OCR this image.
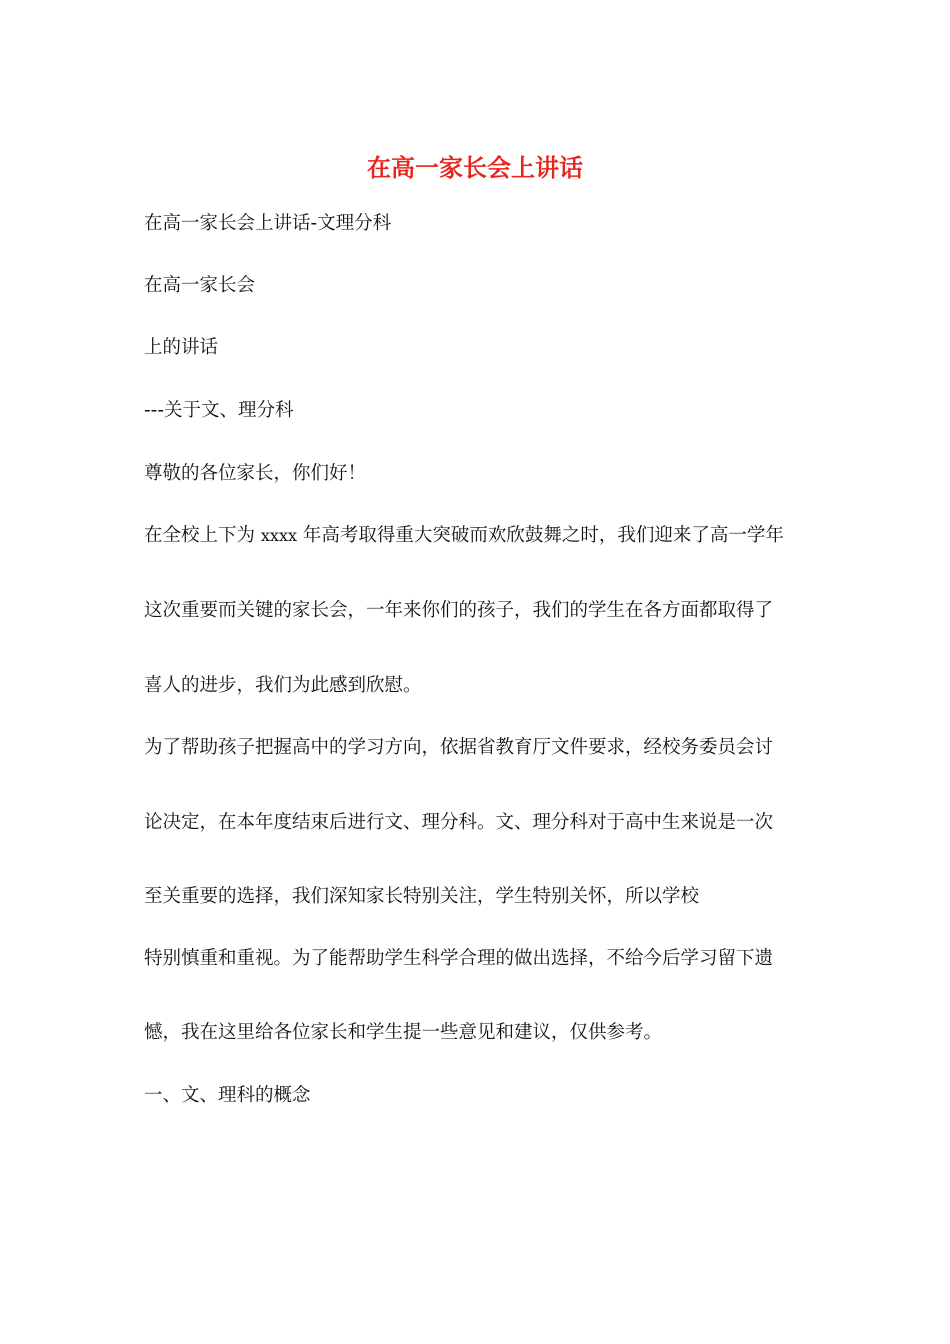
在高一家长会上讲话
在高一家长会上讲话-文理分科
在高一家长会
上的讲话
---关于文、理分科
尊敬的各位家长，你们好！
在全校上下为 xxxx 年高考取得重大突破而欢欣鼓舞之时，我们迎来了高一学年
这次重要而关键的家长会，一年来你们的孩子，我们的学生在各方面都取得了
喜人的进步，我们为此感到欣慰。
为了帮助孩子把握高中的学习方向，依据省教育厅文件要求，经校务委员会讨
论决定，在本年度结束后进行文、理分科。文、理分科对于高中生来说是一次
至关重要的选择，我们深知家长特别关注，学生特别关怀，所以学校
特别慎重和重视。为了能帮助学生科学合理的做出选择，不给今后学习留下遗
憾，我在这里给各位家长和学生提一些意见和建议，仅供参考。
一、文、理科的概念
